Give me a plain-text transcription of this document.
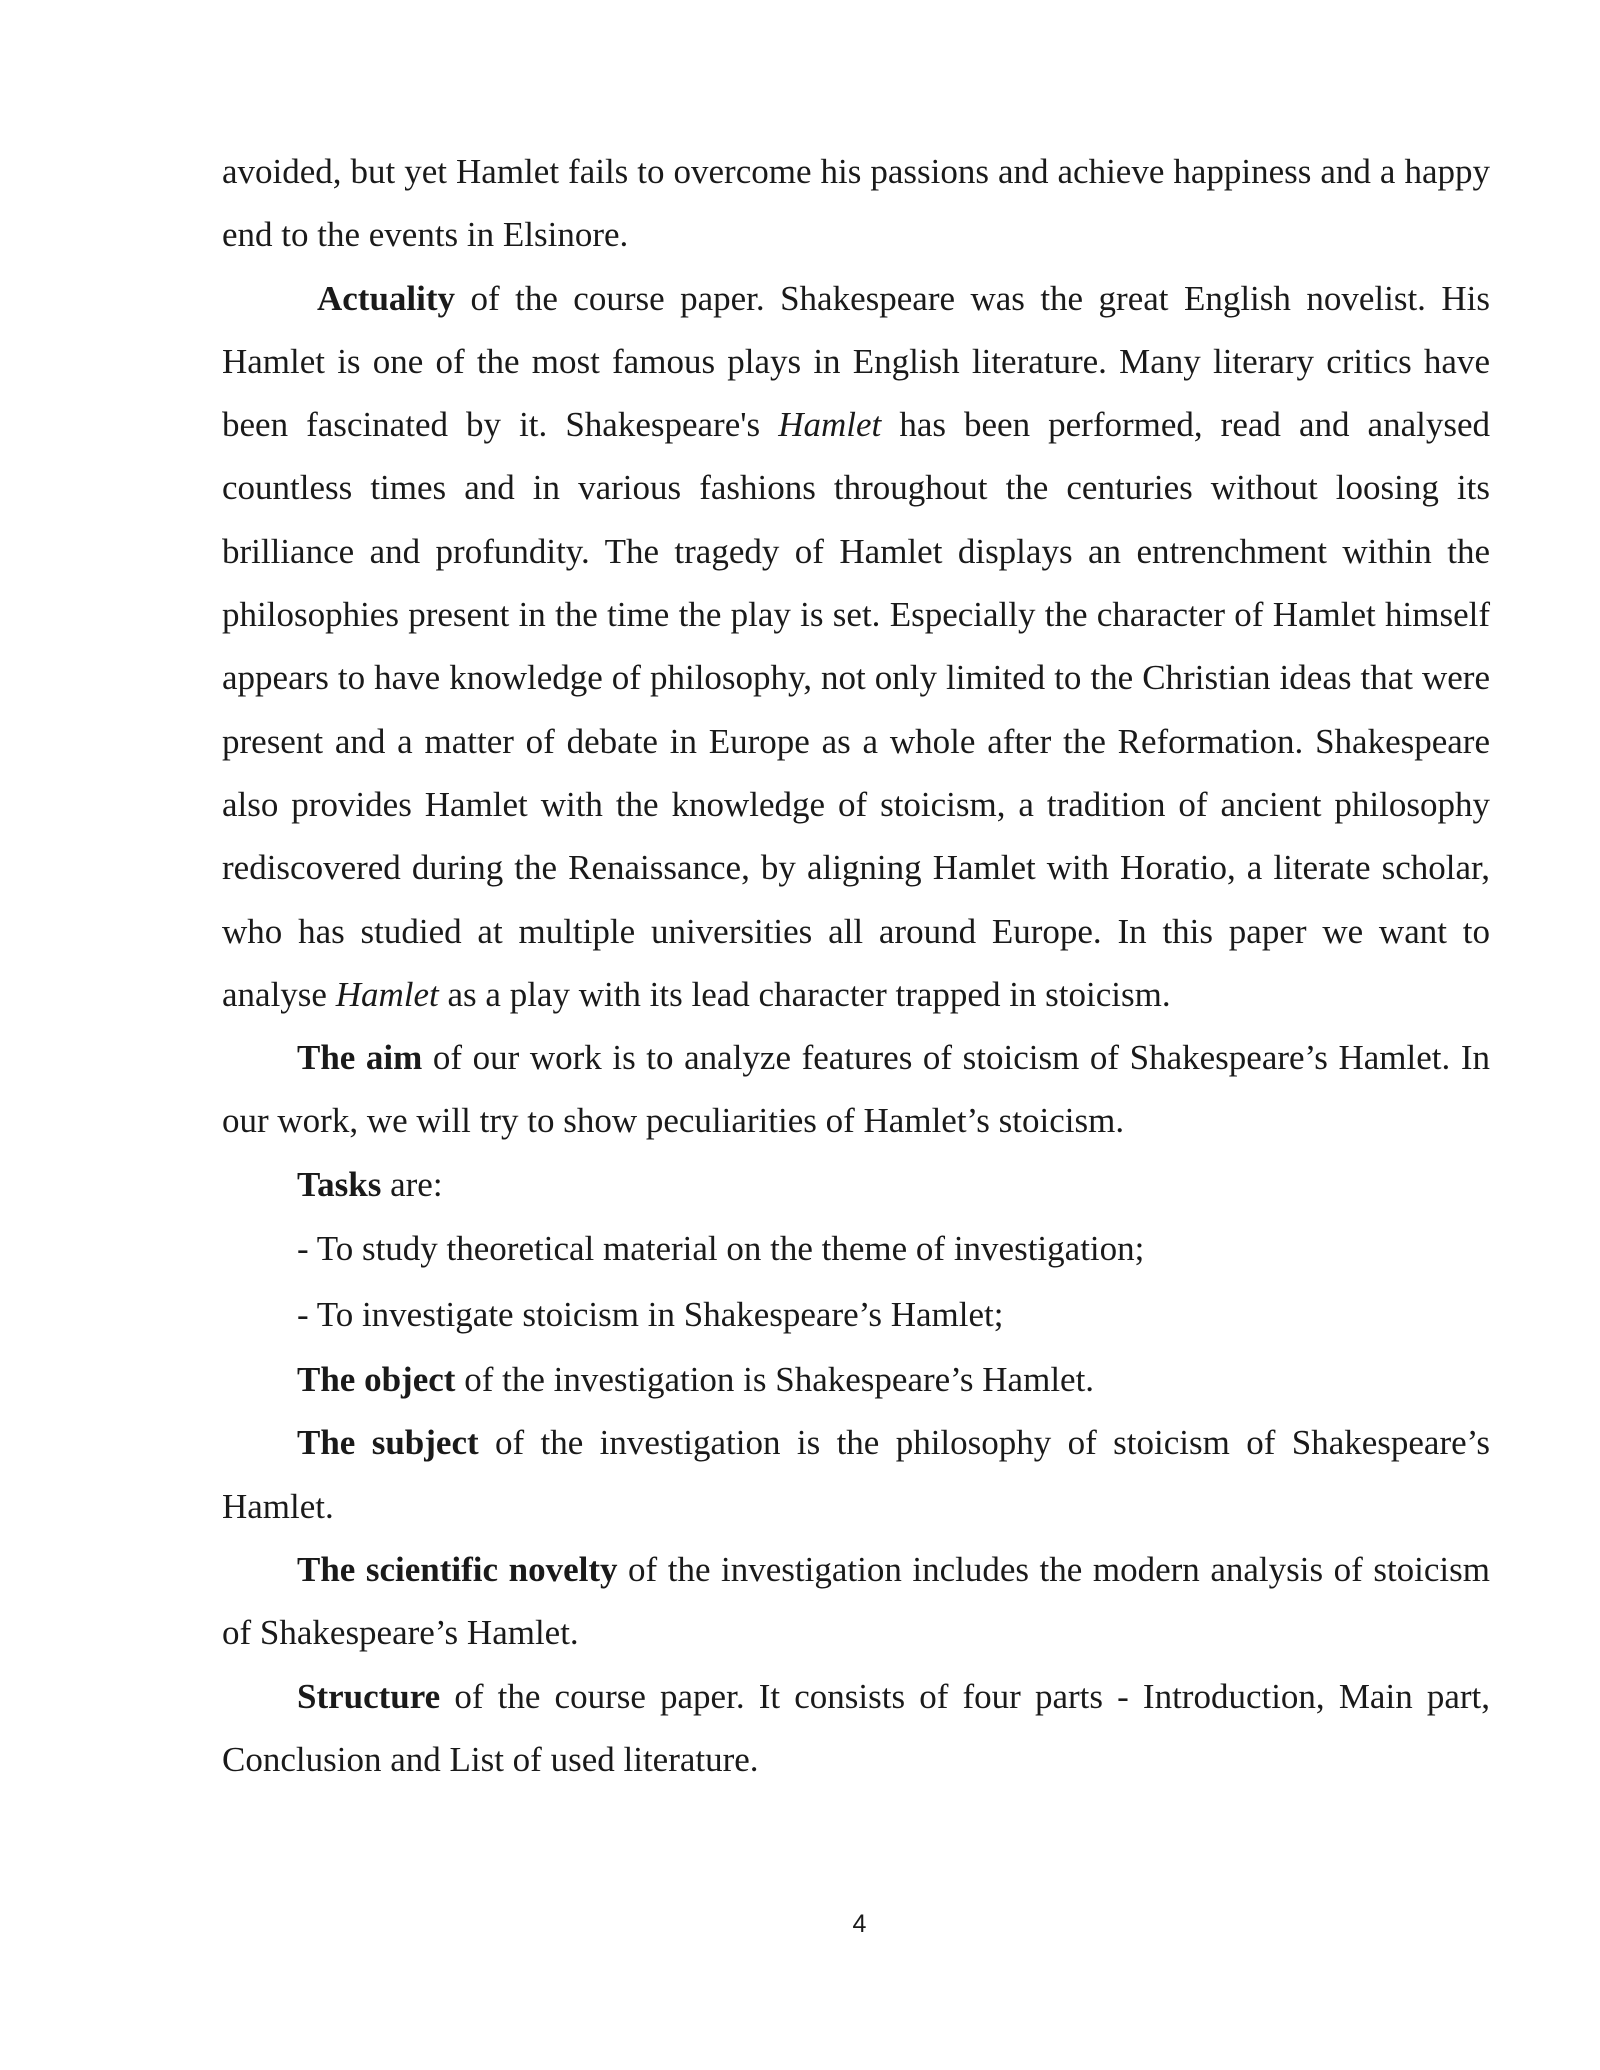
avoided, but yet Hamlet fails to overcome his passions and achieve happiness and a happy end to the events in Elsinore.

Actuality of the course paper. Shakespeare was the great English novelist. His Hamlet is one of the most famous plays in English literature. Many literary critics have been fascinated by it. Shakespeare's Hamlet has been performed, read and analysed countless times and in various fashions throughout the centuries without loosing its brilliance and profundity. The tragedy of Hamlet displays an entrenchment within the philosophies present in the time the play is set. Especially the character of Hamlet himself appears to have knowledge of philosophy, not only limited to the Christian ideas that were present and a matter of debate in Europe as a whole after the Reformation. Shakespeare also provides Hamlet with the knowledge of stoicism, a tradition of ancient philosophy rediscovered during the Renaissance, by aligning Hamlet with Horatio, a literate scholar, who has studied at multiple universities all around Europe. In this paper we want to analyse Hamlet as a play with its lead character trapped in stoicism.

The aim of our work is to analyze features of stoicism of Shakespeare’s Hamlet. In our work, we will try to show peculiarities of Hamlet’s stoicism.

Tasks are:

- To study theoretical material on the theme of investigation;

- To investigate stoicism in Shakespeare’s Hamlet;

The object of the investigation is Shakespeare’s Hamlet.

The subject of the investigation is the philosophy of stoicism of Shakespeare’s Hamlet.

The scientific novelty of the investigation includes the modern analysis of stoicism of Shakespeare’s Hamlet.

Structure of the course paper. It consists of four parts - Introduction, Main part, Conclusion and List of used literature.

4
